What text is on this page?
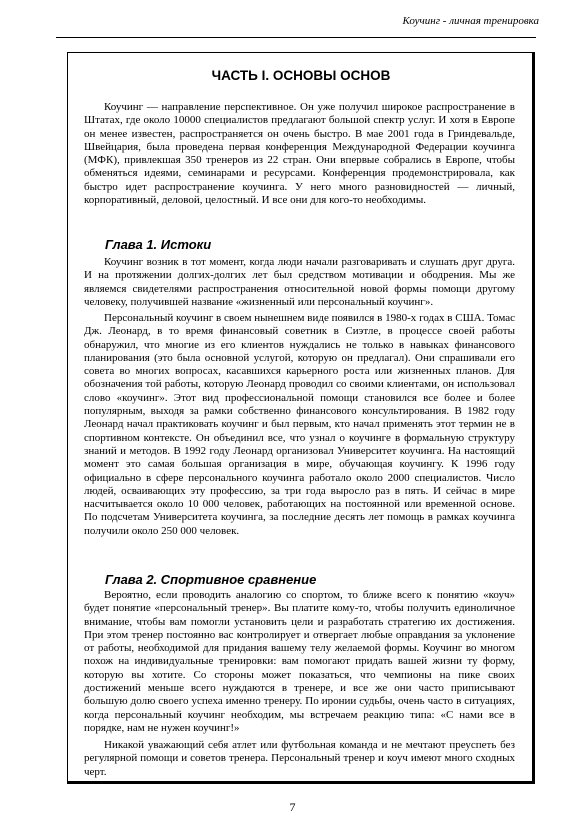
Коучинг - личная тренировка
ЧАСТЬ I. ОСНОВЫ ОСНОВ

Коучинг — направление перспективное. Он уже получил широкое распространение в Штатах, где около 10000 специалистов предлагают большой спектр услуг. И хотя в Европе он менее известен, распространяется он очень быстро. В мае 2001 года в Гриндевальде, Швейцария, была проведена первая конференция Международной Федерации коучинга (МФК), привлекшая 350 тренеров из 22 стран. Они впервые собрались в Европе, чтобы обменяться идеями, семинарами и ресурсами. Конференция продемонстрировала, как быстро идет распространение коучинга. У него много разновидностей — личный, корпоративный, деловой, целостный. И все они для кого-то необходимы.

Глава 1. Истоки

Коучинг возник в тот момент, когда люди начали разговаривать и слушать друг друга. И на протяжении долгих-долгих лет был средством мотивации и ободрения. Мы же являемся свидетелями распространения относительной новой формы помощи другому человеку, получившей название «жизненный или персональный коучинг».

Персональный коучинг в своем нынешнем виде появился в 1980-х годах в США. Томас Дж. Леонард, в то время финансовый советник в Сиэтле, в процессе своей работы обнаружил, что многие из его клиентов нуждались не только в навыках финансового планирования (это была основной услугой, которую он предлагал). Они спрашивали его совета во многих вопросах, касавшихся карьерного роста или жизненных планов. Для обозначения той работы, которую Леонард проводил со своими клиентами, он использовал слово «коучинг». Этот вид профессиональной помощи становился все более и более популярным, выходя за рамки собственно финансового консультирования. В 1982 году Леонард начал практиковать коучинг и был первым, кто начал применять этот термин не в спортивном контексте. Он объединил все, что узнал о коучинге в формальную структуру знаний и методов. В 1992 году Леонард организовал Университет коучинга. На настоящий момент это самая большая организация в мире, обучающая коучингу. К 1996 году официально в сфере персонального коучинга работало около 2000 специалистов. Число людей, осваивающих эту профессию, за три года выросло раз в пять. И сейчас в мире насчитывается около 10 000 человек, работающих на постоянной или временной основе. По подсчетам Университета коучинга, за последние десять лет помощь в рамках коучинга получили около 250 000 человек.

Глава 2. Спортивное сравнение

Вероятно, если проводить аналогию со спортом, то ближе всего к понятию «коуч» будет понятие «персональный тренер». Вы платите кому-то, чтобы получить единоличное внимание, чтобы вам помогли установить цели и разработать стратегию их достижения. При этом тренер постоянно вас контролирует и отвергает любые оправдания за уклонение от работы, необходимой для придания вашему телу желаемой формы. Коучинг во многом похож на индивидуальные тренировки: вам помогают придать вашей жизни ту форму, которую вы хотите. Со стороны может показаться, что чемпионы на пике своих достижений меньше всего нуждаются в тренере, и все же они часто приписывают большую долю своего успеха именно тренеру. По иронии судьбы, очень часто в ситуациях, когда персональный коучинг необходим, мы встречаем реакцию типа: «С нами все в порядке, нам не нужен коучинг!»

Никакой уважающий себя атлет или футбольная команда и не мечтают преуспеть без регулярной помощи и советов тренера. Персональный тренер и коуч имеют много сходных черт.

7
